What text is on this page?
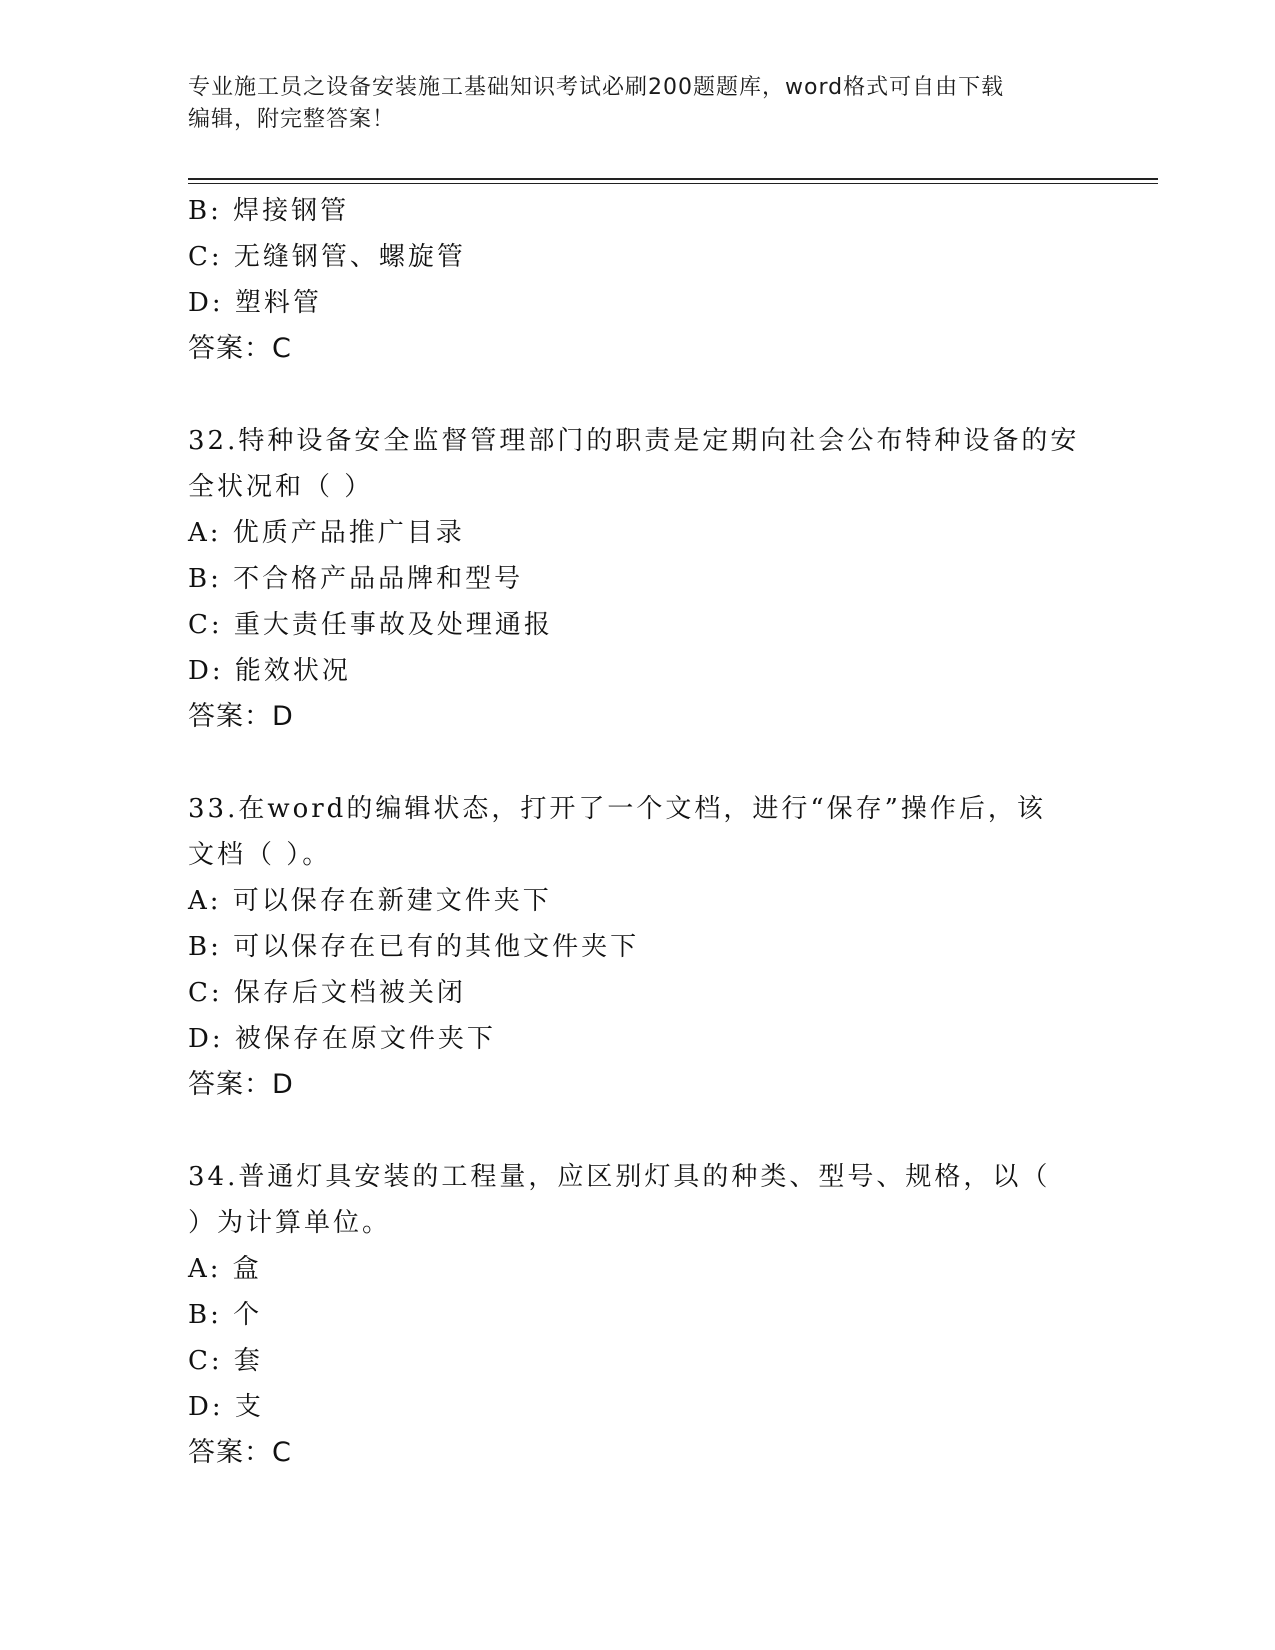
专业施工员之设备安装施工基础知识考试必刷200题题库，word格式可自由下载
编辑，附完整答案！
B: 焊接钢管
C: 无缝钢管、螺旋管
D: 塑料管
答案：C
32.特种设备安全监督管理部门的职责是定期向社会公布特种设备的安
全状况和（ ）
A: 优质产品推广目录
B: 不合格产品品牌和型号
C: 重大责任事故及处理通报
D: 能效状况
答案：D
33.在word的编辑状态，打开了一个文档，进行“保存”操作后，该
文档（ ）。
A: 可以保存在新建文件夹下
B: 可以保存在已有的其他文件夹下
C: 保存后文档被关闭
D: 被保存在原文件夹下
答案：D
34.普通灯具安装的工程量，应区别灯具的种类、型号、规格，以（
）为计算单位。
A: 盒
B: 个
C: 套
D: 支
答案：C
